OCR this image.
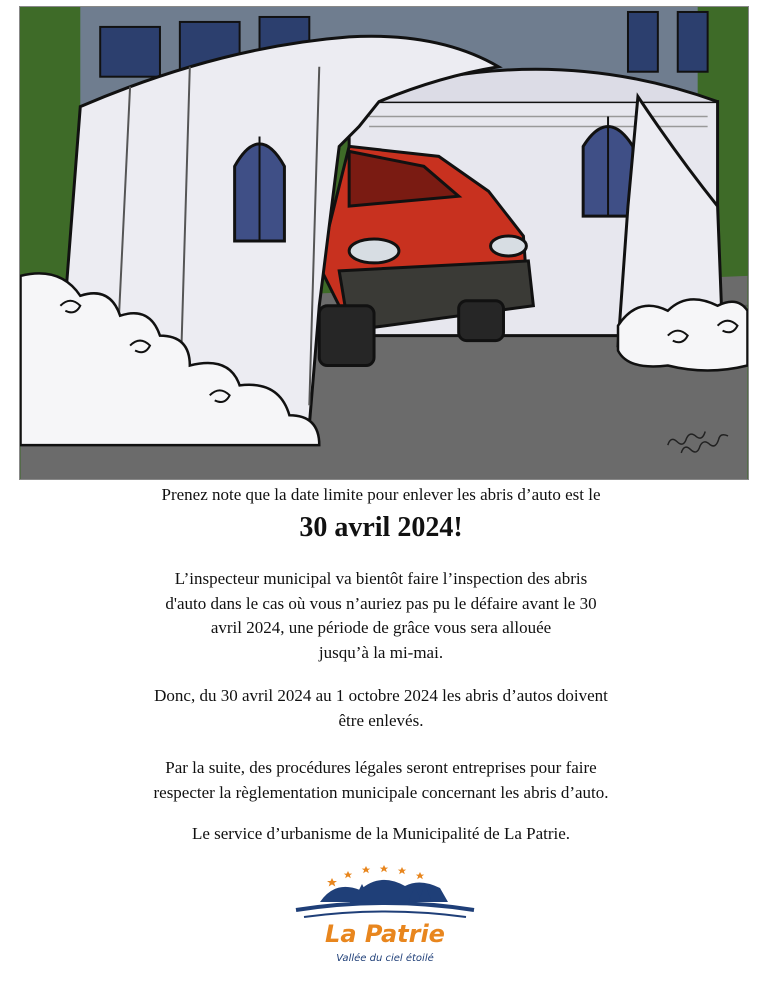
Prenez note que la date limite pour enlever les abris d’auto est le
30 avril 2024!
L’inspecteur municipal va bientôt faire l’inspection des abris
d'auto dans le cas où vous n’auriez pas pu le défaire avant le 30
avril 2024, une période de grâce vous sera allouée
jusqu’à la mi-mai.
Donc, du 30 avril 2024 au 1 octobre 2024 les abris d’autos doivent
être enlevés.
Par la suite, des procédures légales seront entreprises pour faire
respecter la règlementation municipale concernant les abris d’auto.
Le service d’urbanisme de la Municipalité de La Patrie.
La Patrie
Vallée du ciel étoilé
